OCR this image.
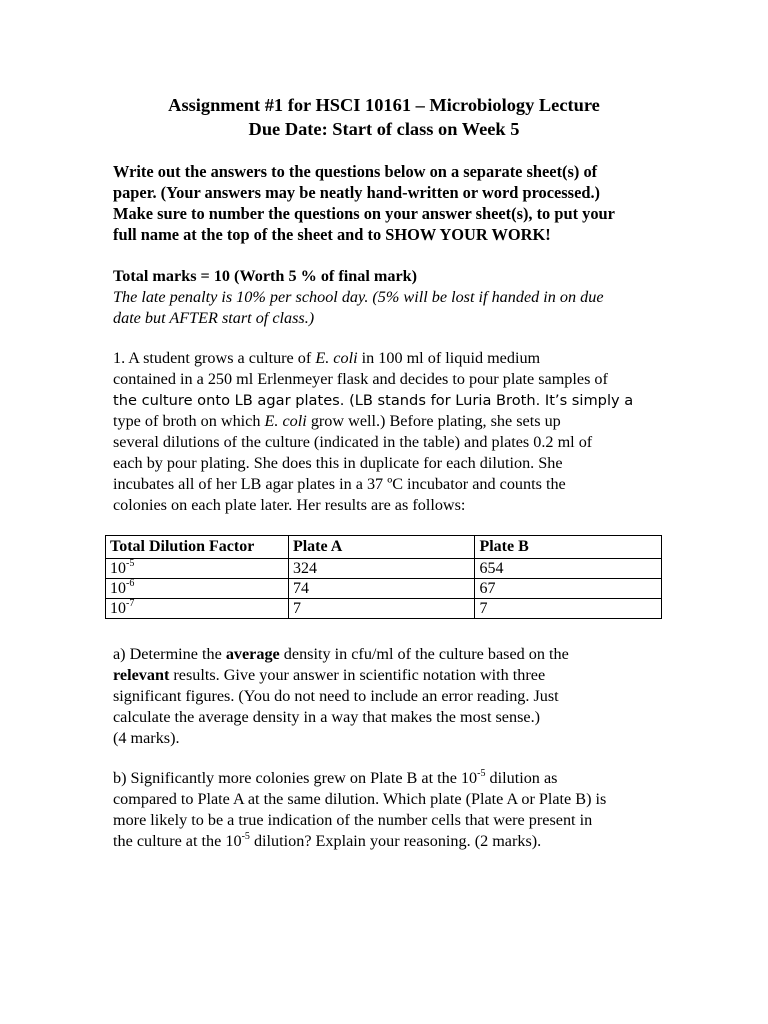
Assignment #1 for HSCI 10161 – Microbiology Lecture
Due Date: Start of class on Week 5
Write out the answers to the questions below on a separate sheet(s) of
paper. (Your answers may be neatly hand-written or word processed.)
Make sure to number the questions on your answer sheet(s), to put your
full name at the top of the sheet and to SHOW YOUR WORK!
Total marks = 10 (Worth 5 % of final mark)
The late penalty is 10% per school day. (5% will be lost if handed in on due
date but AFTER start of class.)
1. A student grows a culture of E. coli in 100 ml of liquid medium
contained in a 250 ml Erlenmeyer flask and decides to pour plate samples of
the culture onto LB agar plates. (LB stands for Luria Broth. It’s simply a
type of broth on which E. coli grow well.) Before plating, she sets up
several dilutions of the culture (indicated in the table) and plates 0.2 ml of
each by pour plating. She does this in duplicate for each dilution. She
incubates all of her LB agar plates in a 37 ºC incubator and counts the
colonies on each plate later. Her results are as follows:
Total Dilution Factor	Plate A	Plate B
$10^{-5}$	324	654
$10^{-6}$	74	67
$10^{-7}$	7	7
a) Determine the average density in cfu/ml of the culture based on the
relevant results. Give your answer in scientific notation with three
significant figures. (You do not need to include an error reading. Just
calculate the average density in a way that makes the most sense.)
(4 marks).
b) Significantly more colonies grew on Plate B at the $10^{-5}$ dilution as
compared to Plate A at the same dilution. Which plate (Plate A or Plate B) is
more likely to be a true indication of the number cells that were present in
the culture at the $10^{-5}$ dilution? Explain your reasoning. (2 marks).
